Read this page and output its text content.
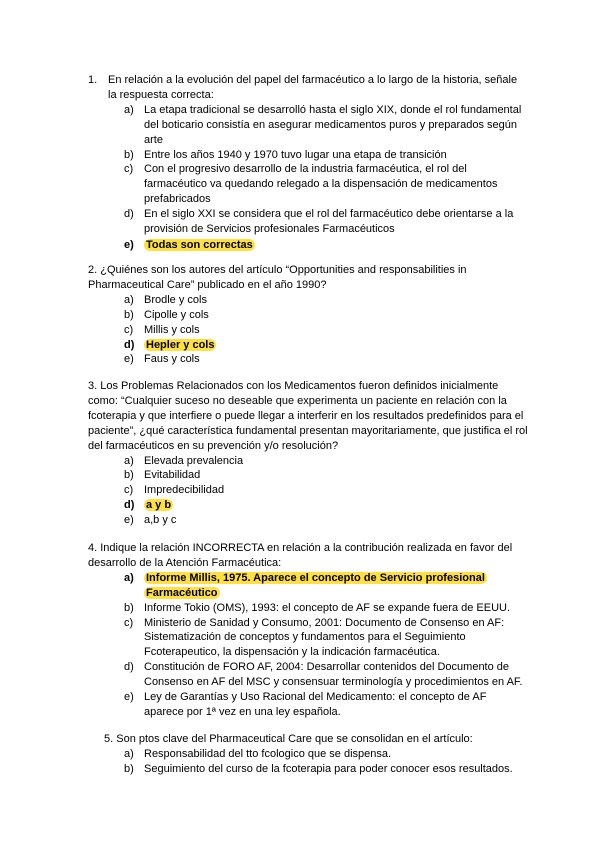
1. En relación a la evolución del papel del farmacéutico a lo largo de la historia, señale la respuesta correcta:
a) La etapa tradicional se desarrolló hasta el siglo XIX, donde el rol fundamental del boticario consistía en asegurar medicamentos puros y preparados según arte
b) Entre los años 1940 y 1970 tuvo lugar una etapa de transición
c) Con el progresivo desarrollo de la industria farmacéutica, el rol del farmacéutico va quedando relegado a la dispensación de medicamentos prefabricados
d) En el siglo XXI se considera que el rol del farmacéutico debe orientarse a la provisión de Servicios profesionales Farmacéuticos
e) Todas son correctas
2. ¿Quiénes son los autores del artículo “Opportunities and responsabilities in Pharmaceutical Care” publicado en el año 1990?
a) Brodle y cols
b) Cipolle y cols
c) Millis y cols
d) Hepler y cols
e) Faus y cols
3. Los Problemas Relacionados con los Medicamentos fueron definidos inicialmente como: “Cualquier suceso no deseable que experimenta un paciente en relación con la fcoterapia y que interfiere o puede llegar a interferir en los resultados predefinidos para el paciente”, ¿qué característica fundamental presentan mayoritariamente, que justifica el rol del farmacéuticos en su prevención y/o resolución?
a) Elevada prevalencia
b) Evitabilidad
c) Impredecibilidad
d) a y b
e) a,b y c
4. Indique la relación INCORRECTA en relación a la contribución realizada en favor del desarrollo de la Atención Farmacéutica:
a) Informe Millis, 1975. Aparece el concepto de Servicio profesional Farmacéutico
b) Informe Tokio (OMS), 1993: el concepto de AF se expande fuera de EEUU.
c) Ministerio de Sanidad y Consumo, 2001: Documento de Consenso en AF: Sistematización de conceptos y fundamentos para el Seguimiento Fcoterapeutico, la dispensación y la indicación farmacéutica.
d) Constitución de FORO AF, 2004: Desarrollar contenidos del Documento de Consenso en AF del MSC y consensuar terminología y procedimientos en AF.
e) Ley de Garantías y Uso Racional del Medicamento: el concepto de AF aparece por 1ª vez en una ley española.
5. Son ptos clave del Pharmaceutical Care que se consolidan en el artículo:
a) Responsabilidad del tto fcologico que se dispensa.
b) Seguimiento del curso de la fcoterapia para poder conocer esos resultados.
